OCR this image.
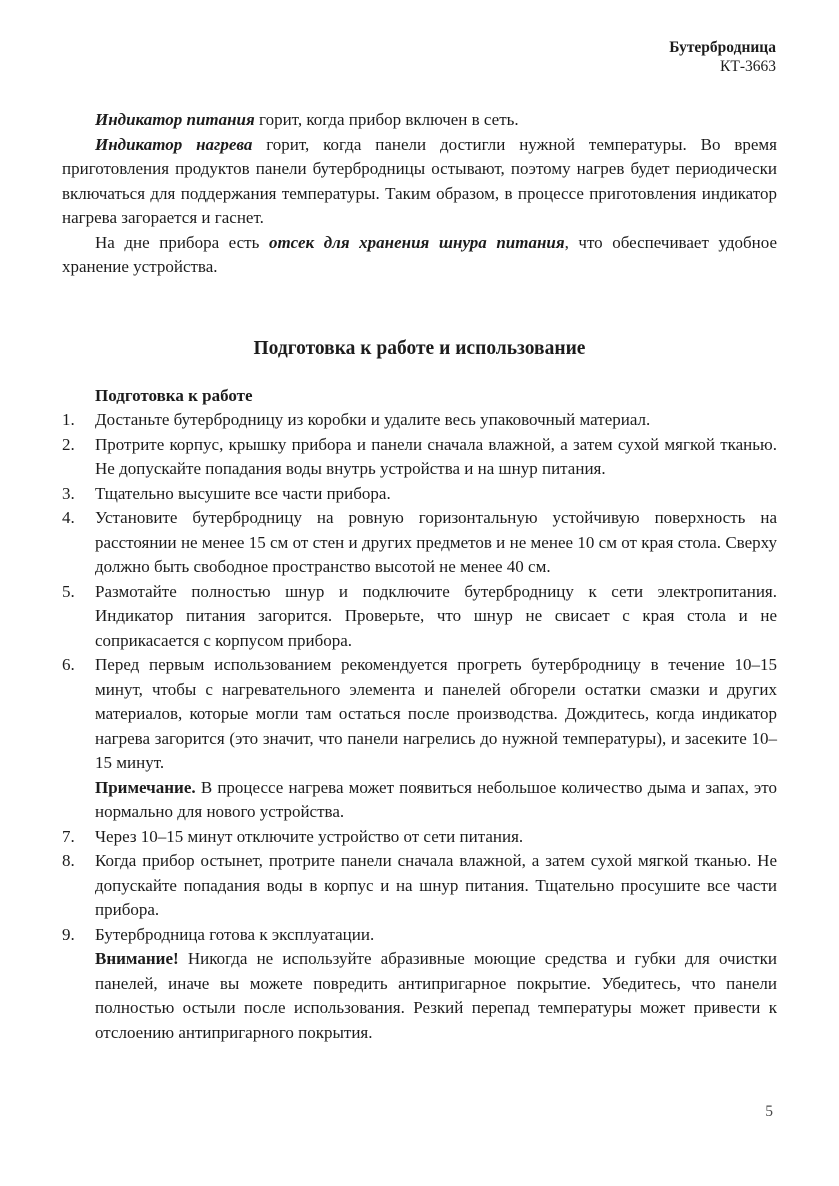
Бутербродница
КТ-3663

Индикатор питания горит, когда прибор включен в сеть.

Индикатор нагрева горит, когда панели достигли нужной температуры. Во время приготовления продуктов панели бутербродницы остывают, поэтому нагрев будет периодически включаться для поддержания температуры. Таким образом, в процессе приготовления индикатор нагрева загорается и гаснет.

На дне прибора есть отсек для хранения шнура питания, что обеспечивает удобное хранение устройства.

Подготовка к работе и использование
Подготовка к работе
1.	Достаньте бутербродницу из коробки и удалите весь упаковочный материал.
2.	Протрите корпус, крышку прибора и панели сначала влажной, а затем сухой мягкой тканью. Не допускайте попадания воды внутрь устройства и на шнур питания.
3.	Тщательно высушите все части прибора.
4.	Установите бутербродницу на ровную горизонтальную устойчивую поверхность на расстоянии не менее 15 см от стен и других предметов и не менее 10 см от края стола. Сверху должно быть свободное пространство высотой не менее 40 см.
5.	Размотайте полностью шнур и подключите бутербродницу к сети электропитания. Индикатор питания загорится. Проверьте, что шнур не свисает с края стола и не соприкасается с корпусом прибора.
6.	Перед первым использованием рекомендуется прогреть бутербродницу в течение 10–15 минут, чтобы с нагревательного элемента и панелей обгорели остатки смазки и других материалов, которые могли там остаться после производства. Дождитесь, когда индикатор нагрева загорится (это значит, что панели нагрелись до нужной температуры), и засеките 10–15 минут.
Примечание. В процессе нагрева может появиться небольшое количество дыма и запах, это нормально для нового устройства.
7.	Через 10–15 минут отключите устройство от сети питания.
8.	Когда прибор остынет, протрите панели сначала влажной, а затем сухой мягкой тканью. Не допускайте попадания воды в корпус и на шнур питания. Тщательно просушите все части прибора.
9.	Бутербродница готова к эксплуатации.
Внимание! Никогда не используйте абразивные моющие средства и губки для очистки панелей, иначе вы можете повредить антипригарное покрытие. Убедитесь, что панели полностью остыли после использования. Резкий перепад температуры может привести к отслоению антипригарного покрытия.
5
